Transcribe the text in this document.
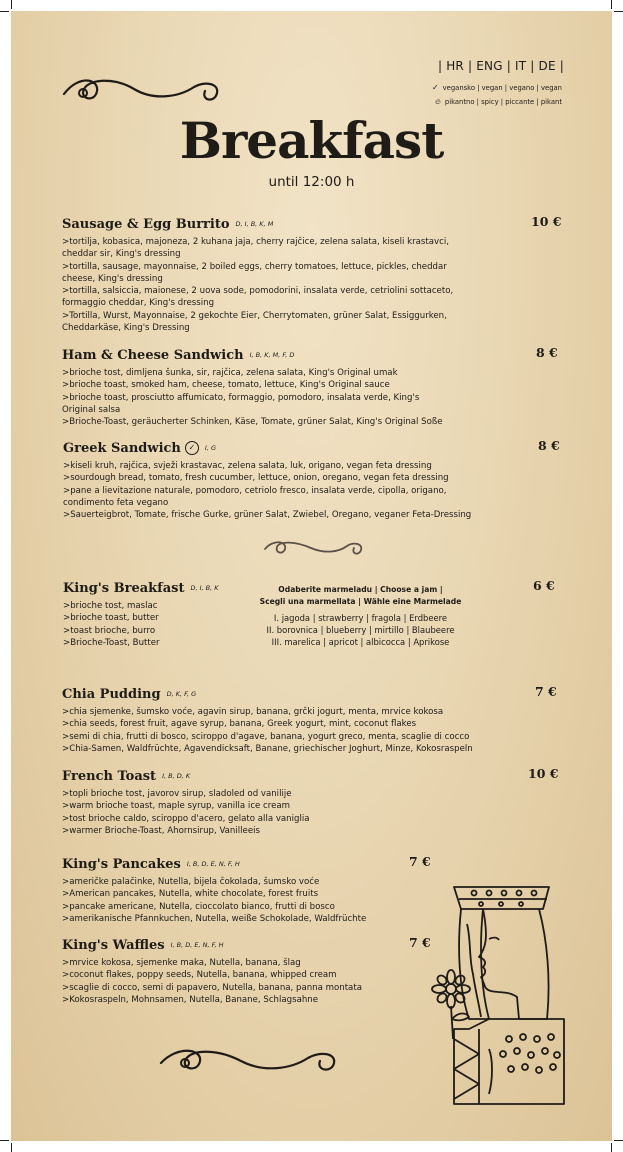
| HR | ENG | IT | DE |
✓ vegansko | vegan | vegano | vegan
🔥︎ pikantno | spicy | piccante | pikant
Breakfast
until 12:00 h
Sausage & Egg Burrito D, I, B, K, M
>tortilja, kobasica, majoneza, 2 kuhana jaja, cherry rajčice, zelena salata, kiseli krastavci,
cheddar sir, King's dressing
>tortilla, sausage, mayonnaise, 2 boiled eggs, cherry tomatoes, lettuce, pickles, cheddar
cheese, King's dressing
>tortilla, salsiccia, maionese, 2 uova sode, pomodorini, insalata verde, cetriolini sottaceto,
formaggio cheddar, King's dressing
>Tortilla, Wurst, Mayonnaise, 2 gekochte Eier, Cherrytomaten, grüner Salat, Essiggurken,
Cheddarkäse, King's Dressing
10 €
Ham & Cheese Sandwich I, B, K, M, F, D
>brioche tost, dimljena šunka, sir, rajčica, zelena salata, King's Original umak
>brioche toast, smoked ham, cheese, tomato, lettuce, King's Original sauce
>brioche toast, prosciutto affumicato, formaggio, pomodoro, insalata verde, King's
Original salsa
>Brioche-Toast, geräucherter Schinken, Käse, Tomate, grüner Salat, King's Original Soße
8 €
Greek Sandwich ✓ I, G
>kiseli kruh, rajčica, svježi krastavac, zelena salata, luk, origano, vegan feta dressing
>sourdough bread, tomato, fresh cucumber, lettuce, onion, oregano, vegan feta dressing
>pane a lievitazione naturale, pomodoro, cetriolo fresco, insalata verde, cipolla, origano,
condimento feta vegano
>Sauerteigbrot, Tomate, frische Gurke, grüner Salat, Zwiebel, Oregano, veganer Feta-Dressing
8 €
King's Breakfast D, I, B, K
>brioche tost, maslac
>brioche toast, butter
>toast brioche, burro
>Brioche-Toast, Butter
Odaberite marmeladu | Choose a jam |
Scegli una marmellata | Wähle eine Marmelade
I. jagoda | strawberry | fragola | Erdbeere
II. borovnica | blueberry | mirtillo | Blaubeere
III. marelica | apricot | albicocca | Aprikose
6 €
Chia Pudding D, K, F, G
>chia sjemenke, šumsko voće, agavin sirup, banana, grčki jogurt, menta, mrvice kokosa
>chia seeds, forest fruit, agave syrup, banana, Greek yogurt, mint, coconut flakes
>semi di chia, frutti di bosco, sciroppo d'agave, banana, yogurt greco, menta, scaglie di cocco
>Chia-Samen, Waldfrüchte, Agavendicksaft, Banane, griechischer Joghurt, Minze, Kokosraspeln
7 €
French Toast I, B, D, K
>topli brioche tost, javorov sirup, sladoled od vanilije
>warm brioche toast, maple syrup, vanilla ice cream
>tost brioche caldo, sciroppo d'acero, gelato alla vaniglia
>warmer Brioche-Toast, Ahornsirup, Vanilleeis
10 €
King's Pancakes I, B, D, E, N, F, H
>američke palačinke, Nutella, bijela čokolada, šumsko voće
>American pancakes, Nutella, white chocolate, forest fruits
>pancake americane, Nutella, cioccolato bianco, frutti di bosco
>amerikanische Pfannkuchen, Nutella, weiße Schokolade, Waldfrüchte
7 €
King's Waffles I, B, D, E, N, F, H
>mrvice kokosa, sjemenke maka, Nutella, banana, šlag
>coconut flakes, poppy seeds, Nutella, banana, whipped cream
>scaglie di cocco, semi di papavero, Nutella, banana, panna montata
>Kokosraspeln, Mohnsamen, Nutella, Banane, Schlagsahne
7 €
